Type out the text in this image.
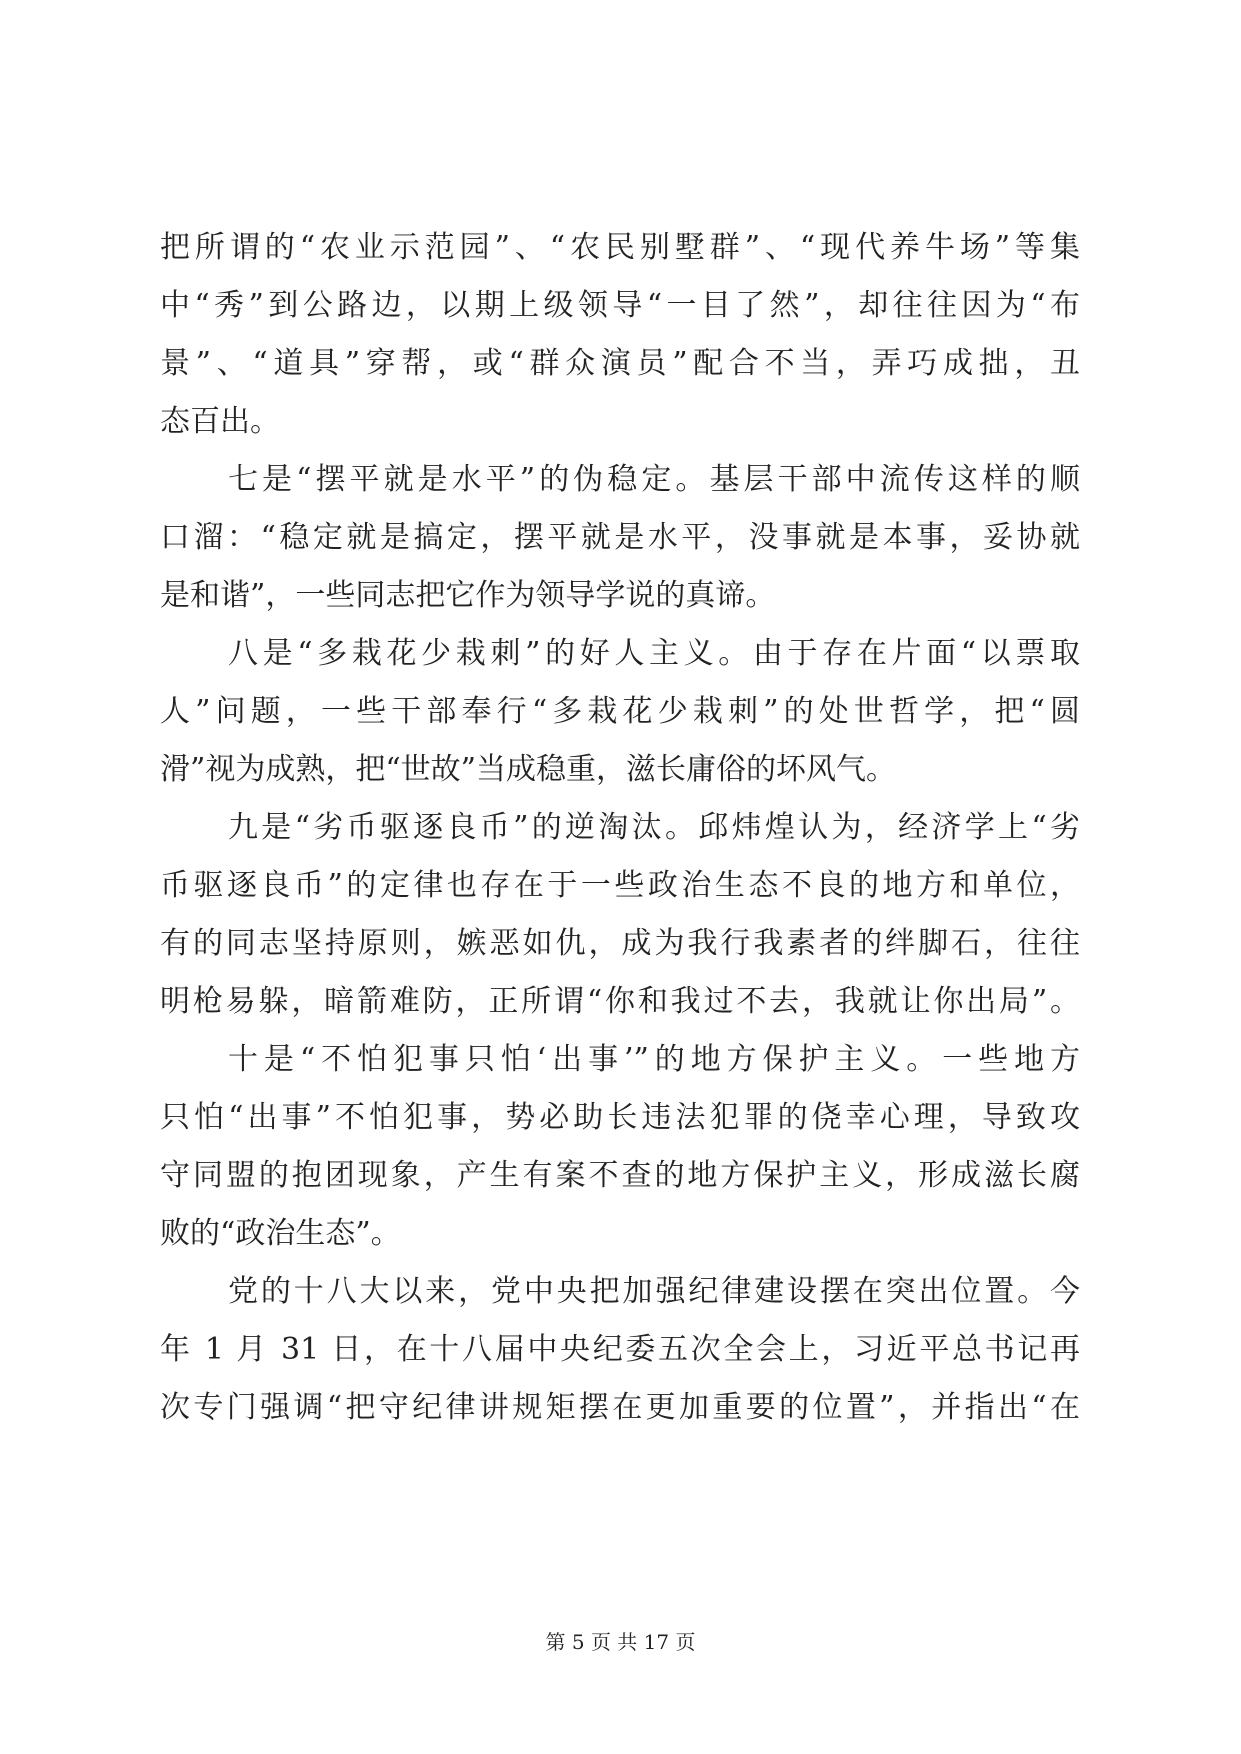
把所谓的“农业示范园”、“农民别墅群”、“现代养牛场”等集
中“秀”到公路边，以期上级领导“一目了然”，却往往因为“布
景”、“道具”穿帮，或“群众演员”配合不当，弄巧成拙，丑
态百出。
七是“摆平就是水平”的伪稳定。基层干部中流传这样的顺
口溜：“稳定就是搞定，摆平就是水平，没事就是本事，妥协就
是和谐”，一些同志把它作为领导学说的真谛。
八是“多栽花少栽刺”的好人主义。由于存在片面“以票取
人”问题，一些干部奉行“多栽花少栽刺”的处世哲学，把“圆
滑”视为成熟，把“世故”当成稳重，滋长庸俗的坏风气。
九是“劣币驱逐良币”的逆淘汰。邱炜煌认为，经济学上“劣
币驱逐良币”的定律也存在于一些政治生态不良的地方和单位，
有的同志坚持原则，嫉恶如仇，成为我行我素者的绊脚石，往往
明枪易躲，暗箭难防，正所谓“你和我过不去，我就让你出局”。
十是“不怕犯事只怕‘出事’”的地方保护主义。一些地方
只怕“出事”不怕犯事，势必助长违法犯罪的侥幸心理，导致攻
守同盟的抱团现象，产生有案不查的地方保护主义，形成滋长腐
败的“政治生态”。
党的十八大以来，党中央把加强纪律建设摆在突出位置。今
年 1 月 31 日，在十八届中央纪委五次全会上，习近平总书记再
次专门强调“把守纪律讲规矩摆在更加重要的位置”，并指出“在
第 5 页 共 17 页
